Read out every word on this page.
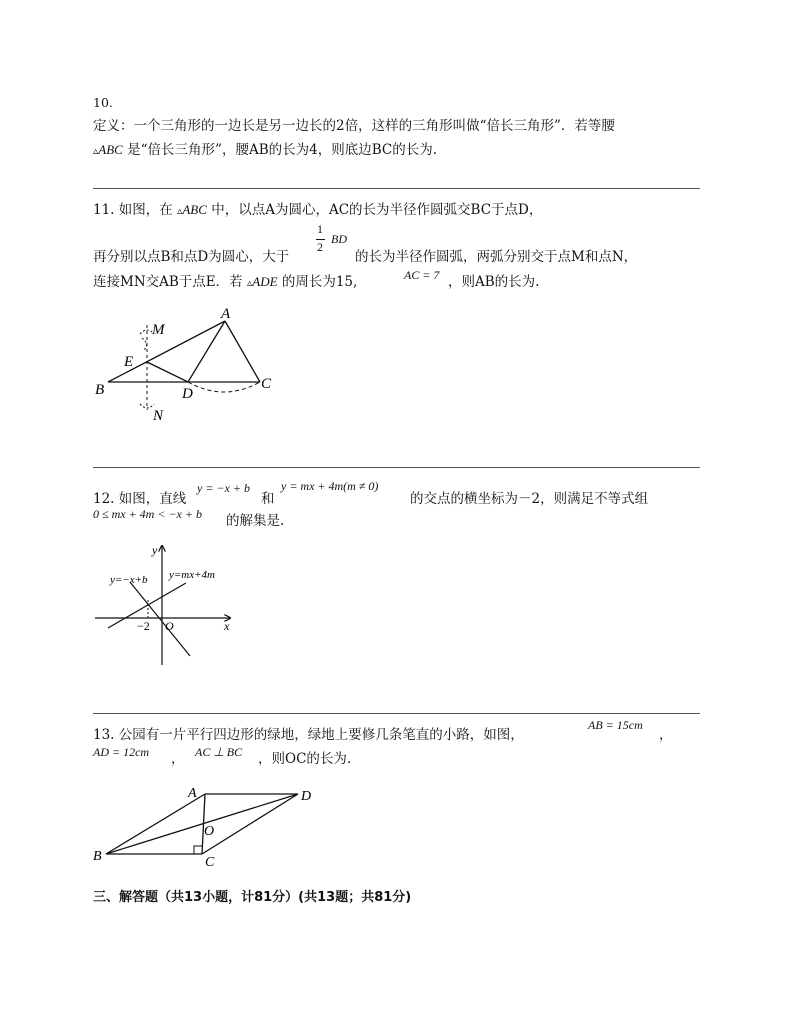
10.
定义：一个三角形的一边长是另一边长的2倍，这样的三角形叫做“倍长三角形”．若等腰
▵ABC 是“倍长三角形”，腰AB的长为4，则底边BC的长为.
11. 如图，在 ▵ABC 中，以点A为圆心，AC的长为半径作圆弧交BC于点D，
再分别以点B和点D为圆心，大于
1
2
BD
的长为半径作圆弧，两弧分别交于点M和点N，
连接MN交AB于点E．若 ▵ADE 的周长为15,	AC = 7 ，则AB的长为.
A
M
E
B	D
C
N
12. 如图，直线
y = −x + b
和
y = mx + 4m(m ≠ 0)
的交点的横坐标为－2，则满足不等式组
0 ≤ mx + 4m < −x + b 的解集是.
y=−x+b y=mx+4m
y
x
O
−2
13. 公园有一片平行四边形的绿地，绿地上要修几条笔直的小路，如图，
AB = 15cm
，
AD = 12cm ， AC ⊥ BC ，则OC的长为.
A	D
O
B	C
三、解答题（共13小题，计81分）(共13题；共81分)
